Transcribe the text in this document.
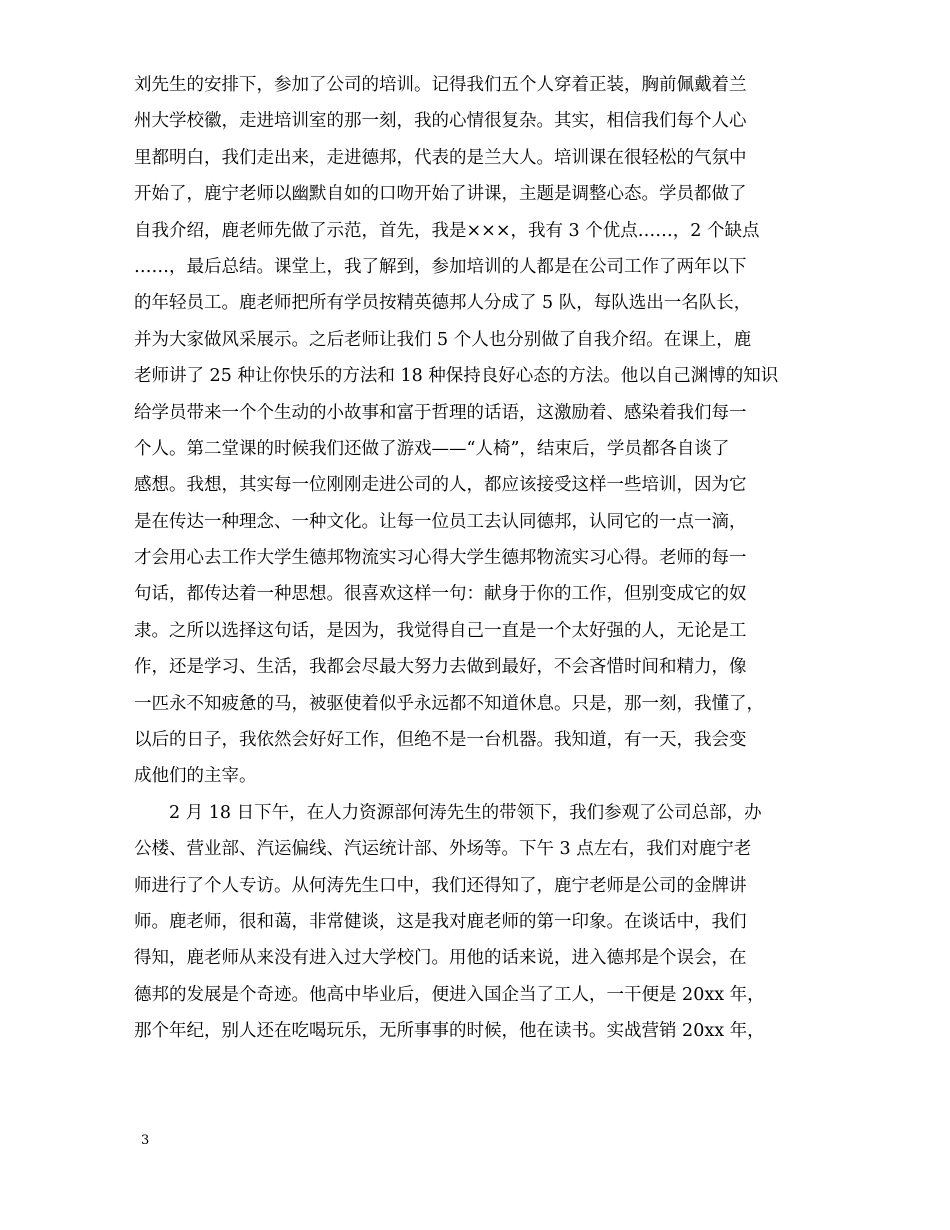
刘先生的安排下，参加了公司的培训。记得我们五个人穿着正装，胸前佩戴着兰
州大学校徽，走进培训室的那一刻，我的心情很复杂。其实，相信我们每个人心
里都明白，我们走出来，走进德邦，代表的是兰大人。培训课在很轻松的气氛中
开始了，鹿宁老师以幽默自如的口吻开始了讲课，主题是调整心态。学员都做了
自我介绍，鹿老师先做了示范，首先，我是×××，我有 3 个优点……，2 个缺点
……，最后总结。课堂上，我了解到，参加培训的人都是在公司工作了两年以下
的年轻员工。鹿老师把所有学员按精英德邦人分成了 5 队，每队选出一名队长，
并为大家做风采展示。之后老师让我们 5 个人也分别做了自我介绍。在课上，鹿
老师讲了 25 种让你快乐的方法和 18 种保持良好心态的方法。他以自己渊博的知识
给学员带来一个个生动的小故事和富于哲理的话语，这激励着、感染着我们每一
个人。第二堂课的时候我们还做了游戏——“人椅”，结束后，学员都各自谈了
感想。我想，其实每一位刚刚走进公司的人，都应该接受这样一些培训，因为它
是在传达一种理念、一种文化。让每一位员工去认同德邦，认同它的一点一滴，
才会用心去工作大学生德邦物流实习心得大学生德邦物流实习心得。老师的每一
句话，都传达着一种思想。很喜欢这样一句：献身于你的工作，但别变成它的奴
隶。之所以选择这句话，是因为，我觉得自己一直是一个太好强的人，无论是工
作，还是学习、生活，我都会尽最大努力去做到最好，不会吝惜时间和精力，像
一匹永不知疲惫的马，被驱使着似乎永远都不知道休息。只是，那一刻，我懂了，
以后的日子，我依然会好好工作，但绝不是一台机器。我知道，有一天，我会变
成他们的主宰。
　　2 月 18 日下午，在人力资源部何涛先生的带领下，我们参观了公司总部，办
公楼、营业部、汽运偏线、汽运统计部、外场等。下午 3 点左右，我们对鹿宁老
师进行了个人专访。从何涛先生口中，我们还得知了，鹿宁老师是公司的金牌讲
师。鹿老师，很和蔼，非常健谈，这是我对鹿老师的第一印象。在谈话中，我们
得知，鹿老师从来没有进入过大学校门。用他的话来说，进入德邦是个误会，在
德邦的发展是个奇迹。他高中毕业后，便进入国企当了工人，一干便是 20xx 年，
那个年纪，别人还在吃喝玩乐，无所事事的时候，他在读书。实战营销 20xx 年，
3
